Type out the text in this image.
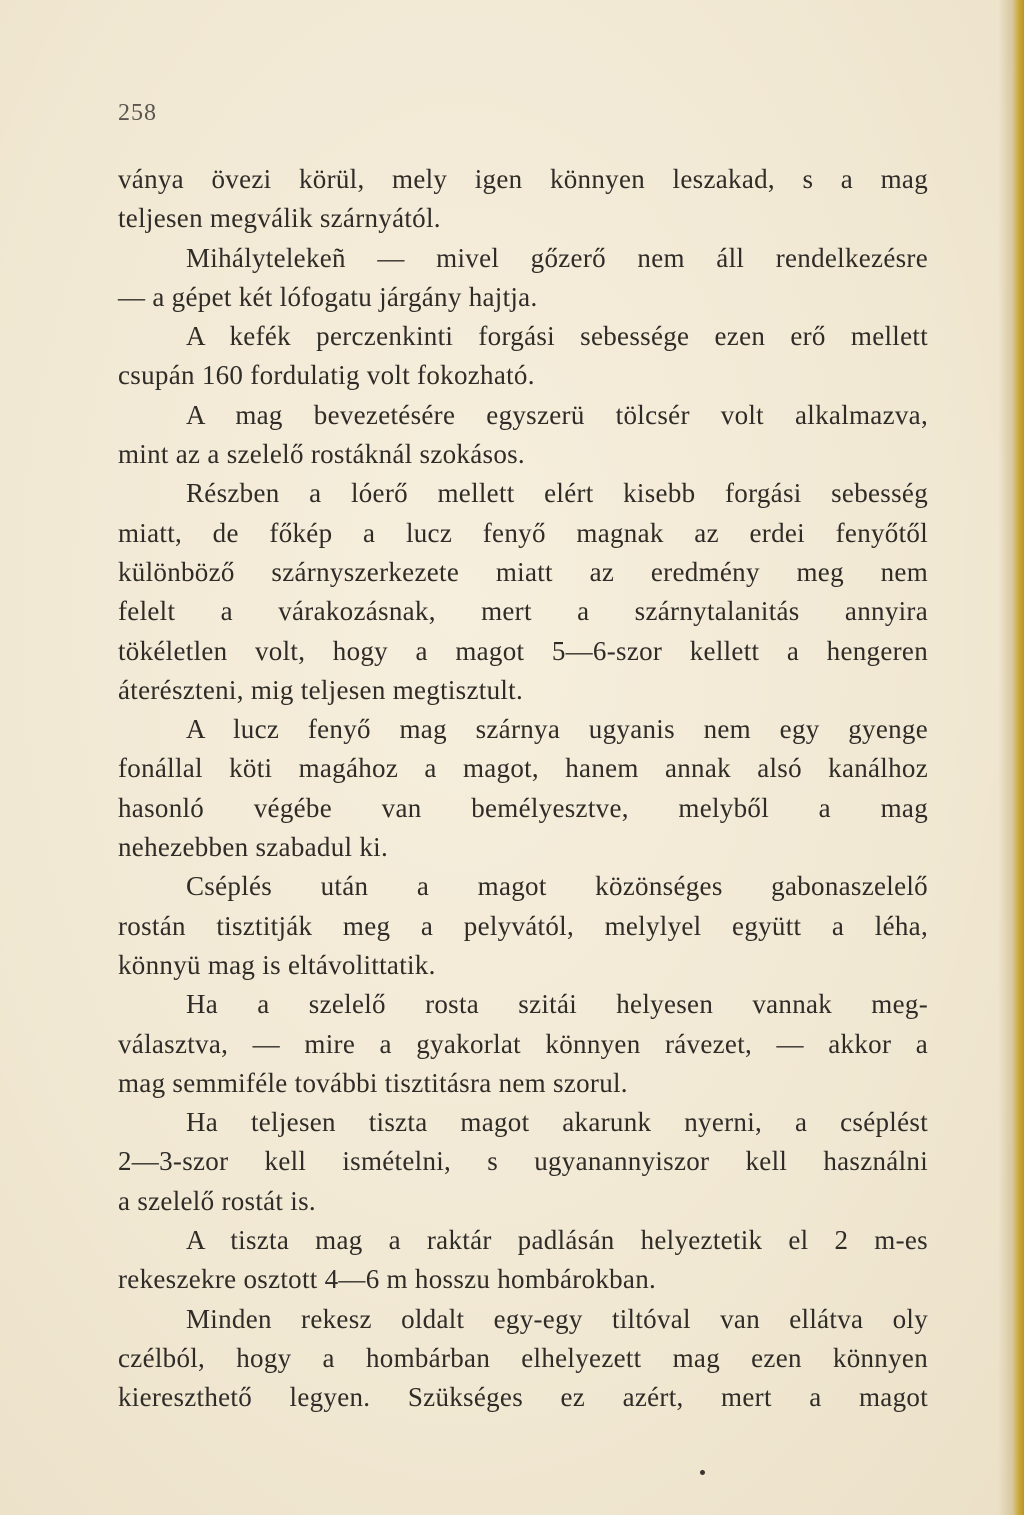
258
ványa övezi körül, mely igen könnyen leszakad, s a mag
teljesen megválik szárnyától.
Mihálytelekeñ — mivel gőzerő nem áll rendelkezésre
— a gépet két lófogatu járgány hajtja.
A kefék perczenkinti forgási sebessége ezen erő mellett
csupán 160 fordulatig volt fokozható.
A mag bevezetésére egyszerü tölcsér volt alkalmazva,
mint az a szelelő rostáknál szokásos.
Részben a lóerő mellett elért kisebb forgási sebesség
miatt, de főkép a lucz fenyő magnak az erdei fenyőtől
különböző szárnyszerkezete miatt az eredmény meg nem
felelt a várakozásnak, mert a szárnytalanitás annyira
tökéletlen volt, hogy a magot 5—6-szor kellett a hengeren
áterészteni, mig teljesen megtisztult.
A lucz fenyő mag szárnya ugyanis nem egy gyenge
fonállal köti magához a magot, hanem annak alsó kanálhoz
hasonló végébe van bemélyesztve, melyből a mag
nehezebben szabadul ki.
Cséplés után a magot közönséges gabonaszelelő
rostán tisztitják meg a pelyvától, melylyel együtt a léha,
könnyü mag is eltávolittatik.
Ha a szelelő rosta szitái helyesen vannak meg-
választva, — mire a gyakorlat könnyen rávezet, — akkor a
mag semmiféle további tisztitásra nem szorul.
Ha teljesen tiszta magot akarunk nyerni, a cséplést
2—3-szor kell ismételni, s ugyanannyiszor kell használni
a szelelő rostát is.
A tiszta mag a raktár padlásán helyeztetik el 2 m-es
rekeszekre osztott 4—6 m hosszu hombárokban.
Minden rekesz oldalt egy-egy tiltóval van ellátva oly
czélból, hogy a hombárban elhelyezett mag ezen könnyen
kiereszthető legyen. Szükséges ez azért, mert a magot
